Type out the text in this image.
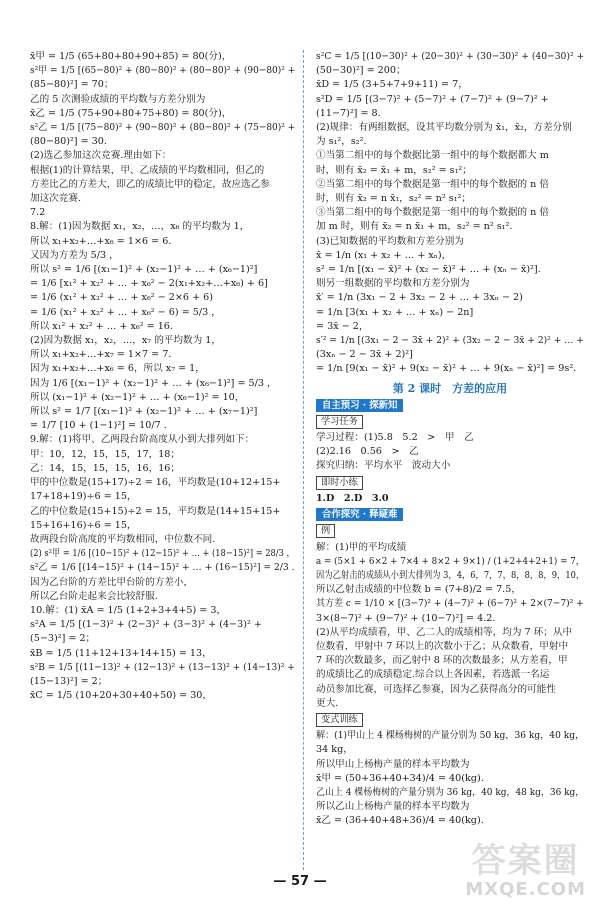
x̄甲 = 1/5 (65+80+80+90+85) = 80(分)，
s²甲 = 1/5 [(65−80)² + (80−80)² + (80−80)² + (90−80)² +
(85−80)²] = 70；
乙的 5 次测验成绩的平均数与方差分别为
x̄乙 = 1/5 (75+90+80+75+80) = 80(分)，
s²乙 = 1/5 [(75−80)² + (90−80)² + (80−80)² + (75−80)² +
(80−80)²] = 30.
(2)选乙参加这次竞赛.理由如下：
根据(1)的计算结果，甲、乙成绩的平均数相同，但乙的
方差比乙的方差大，即乙的成绩比甲的稳定，故应选乙参
加这次竞赛.
7.2
8.解：(1)因为数据 x₁，x₂，…，x₆ 的平均数为 1，
所以 x₁+x₂+…+x₆ = 1×6 = 6.
又因为方差为 5/3 ，
所以 s² = 1/6 [(x₁−1)² + (x₂−1)² + … + (x₆−1)²]
= 1/6 [x₁² + x₂² + … + x₆² − 2(x₁+x₂+…+x₆) + 6]
= 1/6 (x₁² + x₂² + … + x₆² − 2×6 + 6)
= 1/6 (x₁² + x₂² + … + x₆² − 6) = 5/3 ，
所以 x₁² + x₂² + … + x₆² = 16.
(2)因为数据 x₁，x₂，…，x₇ 的平均数为 1，
所以 x₁+x₂+…+x₇ = 1×7 = 7.
因为 x₁+x₂+…+x₆ = 6，所以 x₇ = 1，
因为 1/6 [(x₁−1)² + (x₂−1)² + … + (x₆−1)²] = 5/3 ，
所以 (x₁−1)² + (x₂−1)² + … + (x₆−1)² = 10，
所以 s² = 1/7 [(x₁−1)² + (x₂−1)² + … + (x₇−1)²]
= 1/7 [10 + (1−1)²] = 10/7 .
9.解：(1)将甲、乙两段台阶高度从小到大排列如下：
甲：10，12，15，15，17，18；
乙：14，15，15，15，16，16；
甲的中位数是(15+17)÷2 = 16，平均数是(10+12+15+
17+18+19)÷6 = 15，
乙的中位数是(15+15)÷2 = 15，平均数是(14+15+15+
15+16+16)÷6 = 15，
故两段台阶高度的平均数相同，中位数不同.
(2) s²甲 = 1/6 [(10−15)² + (12−15)² + … + (18−15)²] = 28/3 ，
s²乙 = 1/6 [(14−15)² + (14−15)² + … + (16−15)²] = 2/3 .
因为乙台阶的方差比甲台阶的方差小，
所以乙台阶走起来会比较舒服.
10.解：(1) x̄A = 1/5 (1+2+3+4+5) = 3，
s²A = 1/5 [(1−3)² + (2−3)² + (3−3)² + (4−3)² +
(5−3)²] = 2；
x̄B = 1/5 (11+12+13+14+15) = 13，
s²B = 1/5 [(11−13)² + (12−13)² + (13−13)² + (14−13)² +
(15−13)²] = 2；
x̄C = 1/5 (10+20+30+40+50) = 30，
s²C = 1/5 [(10−30)² + (20−30)² + (30−30)² + (40−30)² +
(50−30)²] = 200；
x̄D = 1/5 (3+5+7+9+11) = 7，
s²D = 1/5 [(3−7)² + (5−7)² + (7−7)² + (9−7)² +
(11−7)²] = 8.
(2)规律：有两组数据，设其平均数分别为 x̄₁，x̄₂，方差分别
为 s₁²，s₂².
①当第二组中的每个数据比第一组中的每个数据都大 m
时，则有 x̄₂ = x̄₁ + m，s₂² = s₁²；
②当第二组中的每个数据是第一组中的每个数据的 n 倍
时，则有 x̄₂ = n x̄₁，s₂² = n² s₁²；
③当第二组中的每个数据是第一组中的每个数据的 n 倍
加 m 时，则有 x̄₂ = n x̄₁ + m，s₂² = n² s₁².
(3)已知数据的平均数和方差分别为
x̄ = 1/n (x₁ + x₂ + … + xₙ)，
s² = 1/n [(x₁ − x̄)² + (x₂ − x̄)² + … + (xₙ − x̄)²].
则另一组数据的平均数和方差分别为
x̄′ = 1/n (3x₁ − 2 + 3x₂ − 2 + … + 3xₙ − 2)
= 1/n [3(x₁ + x₂ + … + xₙ) − 2n]
= 3x̄ − 2，
s′² = 1/n [(3x₁ − 2 − 3x̄ + 2)² + (3x₂ − 2 − 3x̄ + 2)² + … +
(3xₙ − 2 − 3x̄ + 2)²]
= 1/n [9(x₁ − x̄)² + 9(x₂ − x̄)² + … + 9(xₙ − x̄)²] = 9s².
第 2 课时　方差的应用
自主预习 · 探新知
学习任务
学习过程：(1)5.8　5.2　>　甲　乙
(2)2.16　0.56　>　乙
探究归纳：平均水平　波动大小
即时小练
1.D　2.D　3.0
合作探究 · 释疑难
例
解：(1)甲的平均成绩
a = (5×1 + 6×2 + 7×4 + 8×2 + 9×1) / (1+2+4+2+1) = 7，
因为乙射击的成绩从小到大排列为 3，4，6，7，7，8，8，8，9，10，
所以乙射击成绩的中位数 b = (7+8)/2 = 7.5，
其方差 c = 1/10 × [(3−7)² + (4−7)² + (6−7)² + 2×(7−7)² +
3×(8−7)² + (9−7)² + (10−7)²] = 4.2.
(2)从平均成绩看，甲、乙二人的成绩相等，均为 7 环；从中
位数看，甲射中 7 环以上的次数小于乙；从众数看，甲射中
7 环的次数最多，而乙射中 8 环的次数最多；从方差看，甲
的成绩比乙的成绩稳定.综合以上各因素，若选派一名运
动员参加比赛，可选择乙参赛，因为乙获得高分的可能性
更大.
变式训练
解：(1)甲山上 4 棵杨梅树的产量分别为 50 kg，36 kg，40 kg，
34 kg，
所以甲山上杨梅产量的样本平均数为
x̄甲 = (50+36+40+34)/4 = 40(kg).
乙山上 4 棵杨梅树的产量分别为 36 kg，40 kg，48 kg，36 kg，
所以乙山上杨梅产量的样本平均数为
x̄乙 = (36+40+48+36)/4 = 40(kg).
— 57 —
答案圈
MXQE.COM
